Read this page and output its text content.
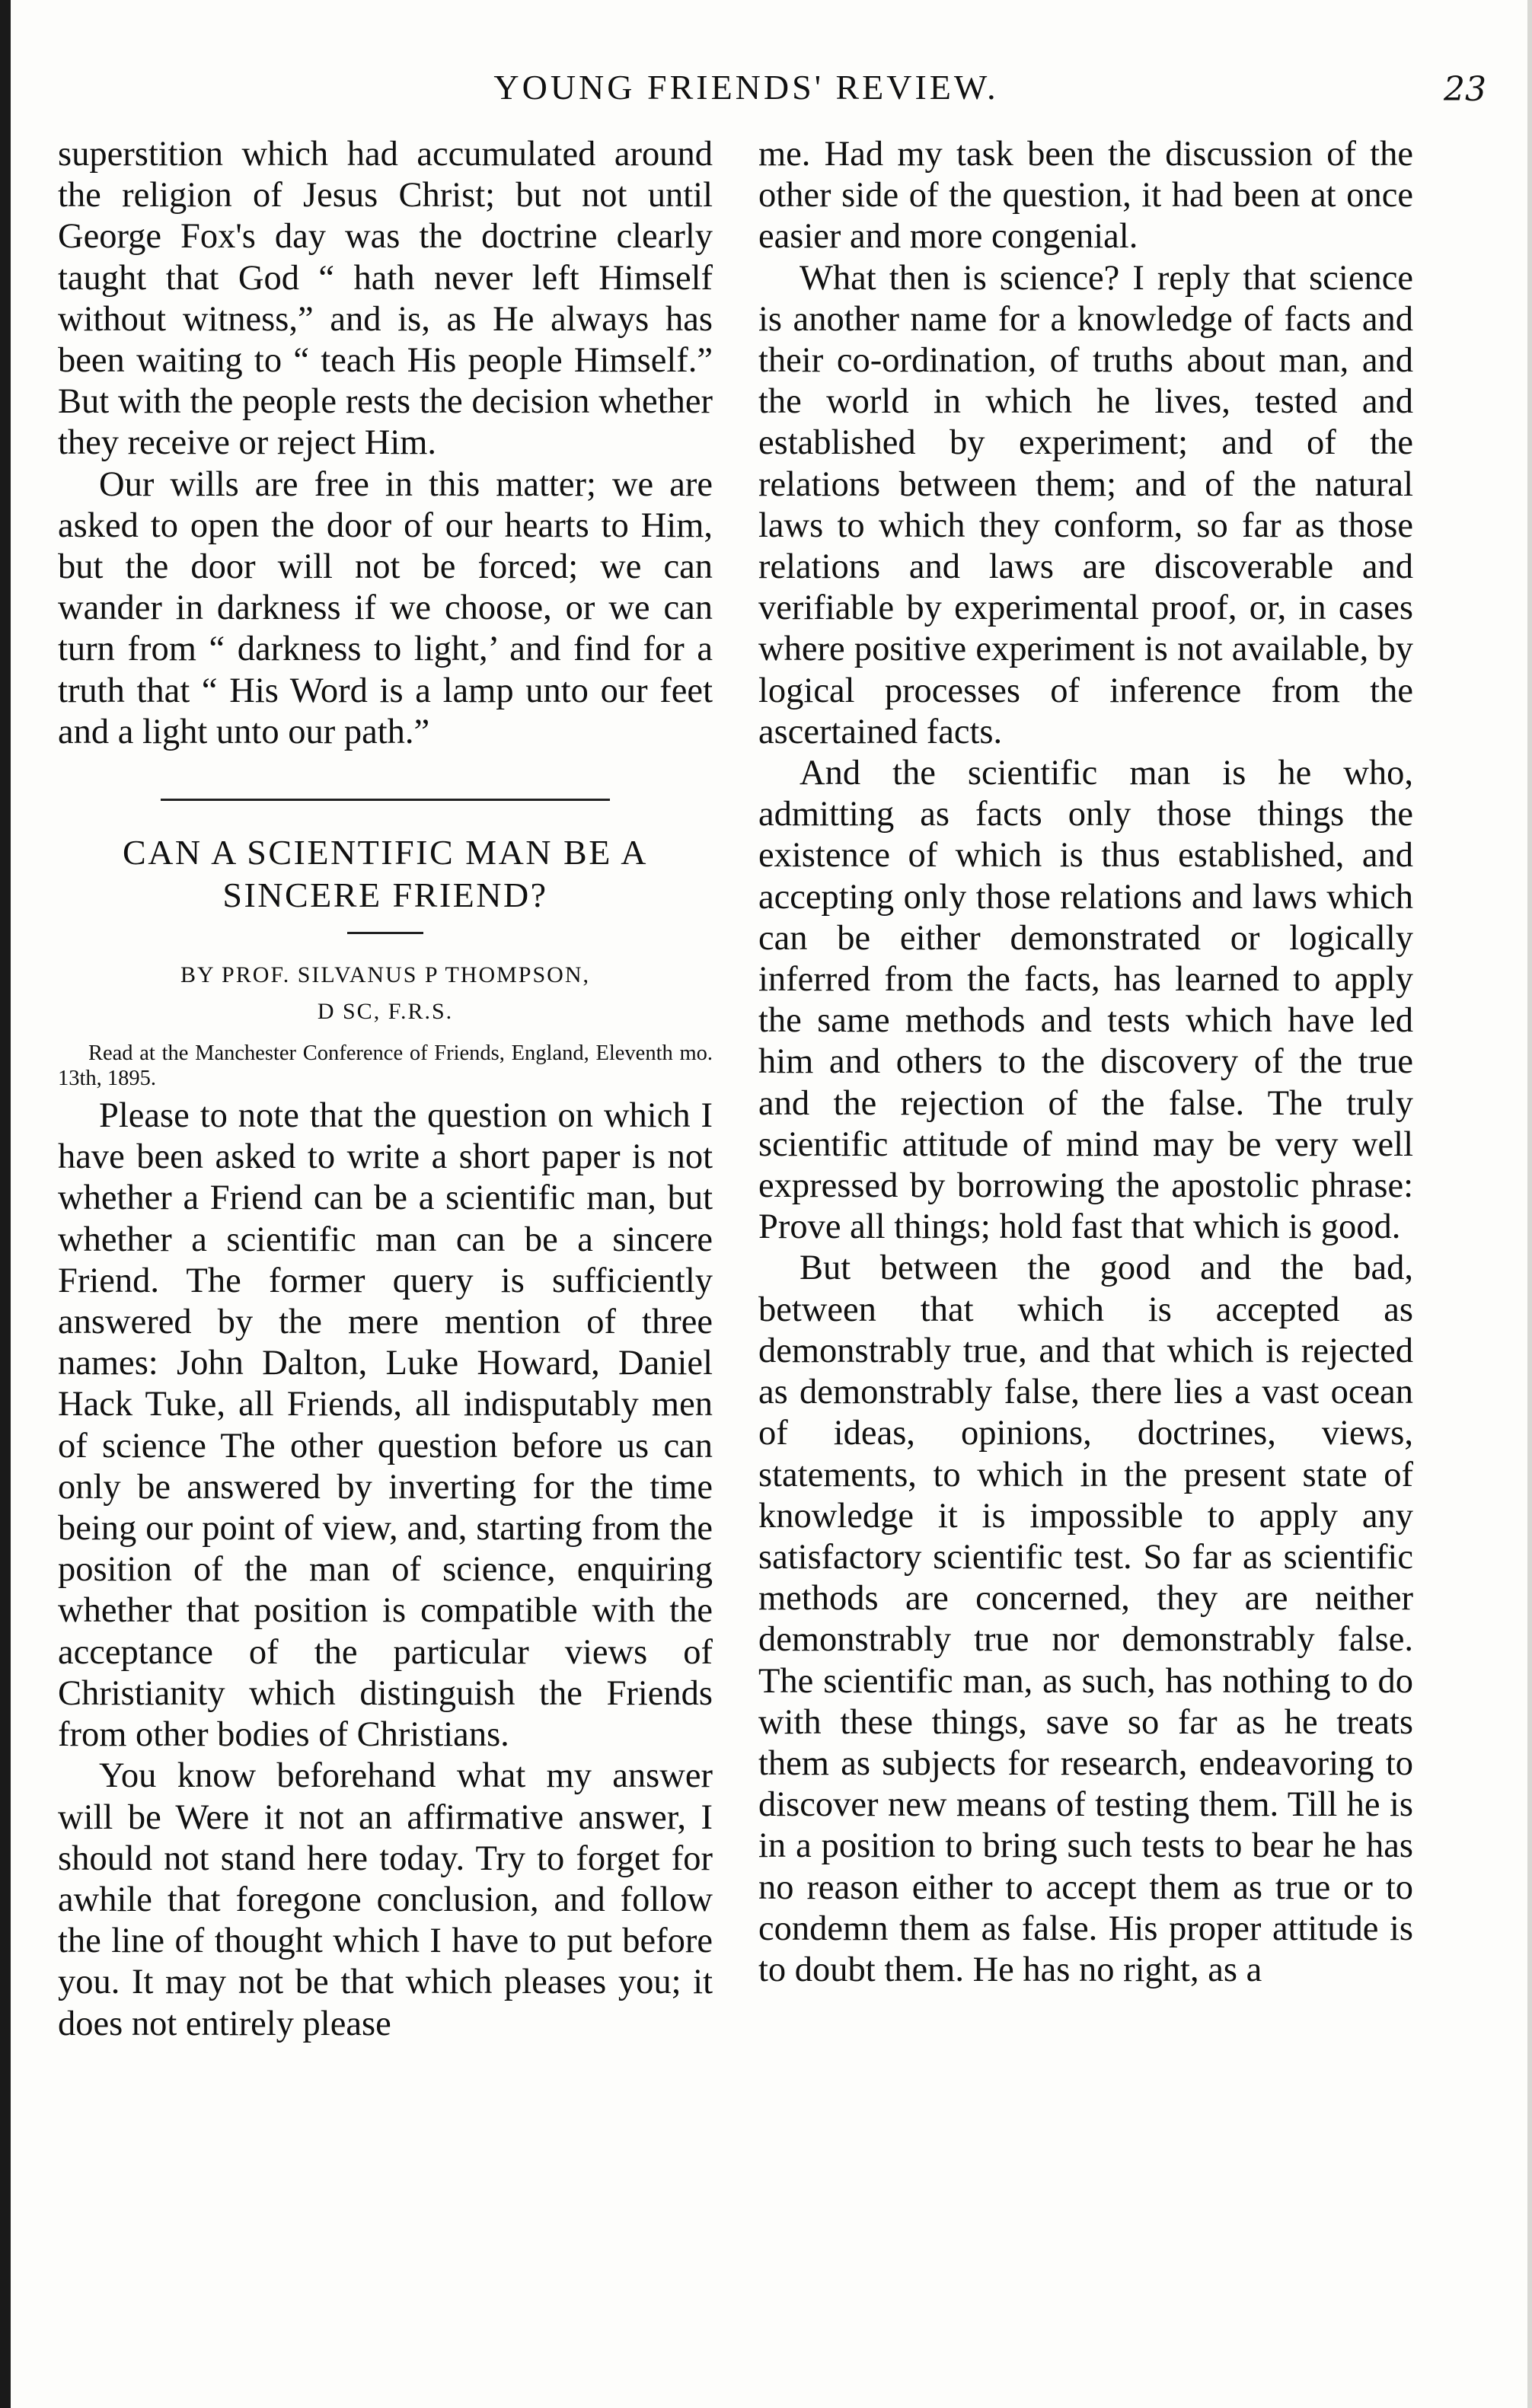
YOUNG FRIENDS' REVIEW.	23

superstition which had accumulated around the religion of Jesus Christ; but not until George Fox's day was the doctrine clearly taught that God “ hath never left Himself without witness,” and is, as He always has been waiting to “ teach His people Himself.” But with the people rests the decision whether they receive or reject Him.

Our wills are free in this matter; we are asked to open the door of our hearts to Him, but the door will not be forced; we can wander in darkness if we choose, or we can turn from “ darkness to light,’ and find for a truth that “ His Word is a lamp unto our feet and a light unto our path.”

CAN A SCIENTIFIC MAN BE A
SINCERE FRIEND?

BY PROF. SILVANUS P THOMPSON,
D SC, F.R.S.

Read at the Manchester Conference of Friends, England, Eleventh mo. 13th, 1895.

Please to note that the question on which I have been asked to write a short paper is not whether a Friend can be a scientific man, but whether a scientific man can be a sincere Friend. The former query is sufficiently answered by the mere mention of three names: John Dalton, Luke Howard, Daniel Hack Tuke, all Friends, all indisputably men of science The other question before us can only be answered by inverting for the time being our point of view, and, starting from the position of the man of science, enquiring whether that position is compatible with the acceptance of the particular views of Christianity which distinguish the Friends from other bodies of Christians.

You know beforehand what my answer will be Were it not an affirmative answer, I should not stand here today. Try to forget for awhile that foregone conclusion, and follow the line of thought which I have to put before you. It may not be that which pleases you; it does not entirely please

me. Had my task been the discussion of the other side of the question, it had been at once easier and more congenial.

What then is science? I reply that science is another name for a knowledge of facts and their co-ordination, of truths about man, and the world in which he lives, tested and established by experiment; and of the relations between them; and of the natural laws to which they conform, so far as those relations and laws are discoverable and verifiable by experimental proof, or, in cases where positive experiment is not available, by logical processes of inference from the ascertained facts.

And the scientific man is he who, admitting as facts only those things the existence of which is thus established, and accepting only those relations and laws which can be either demonstrated or logically inferred from the facts, has learned to apply the same methods and tests which have led him and others to the discovery of the true and the rejection of the false. The truly scientific attitude of mind may be very well expressed by borrowing the apostolic phrase: Prove all things; hold fast that which is good.

But between the good and the bad, between that which is accepted as demonstrably true, and that which is rejected as demonstrably false, there lies a vast ocean of ideas, opinions, doctrines, views, statements, to which in the present state of knowledge it is impossible to apply any satisfactory scientific test. So far as scientific methods are concerned, they are neither demonstrably true nor demonstrably false. The scientific man, as such, has nothing to do with these things, save so far as he treats them as subjects for research, endeavoring to discover new means of testing them. Till he is in a position to bring such tests to bear he has no reason either to accept them as true or to condemn them as false. His proper attitude is to doubt them. He has no right, as a
